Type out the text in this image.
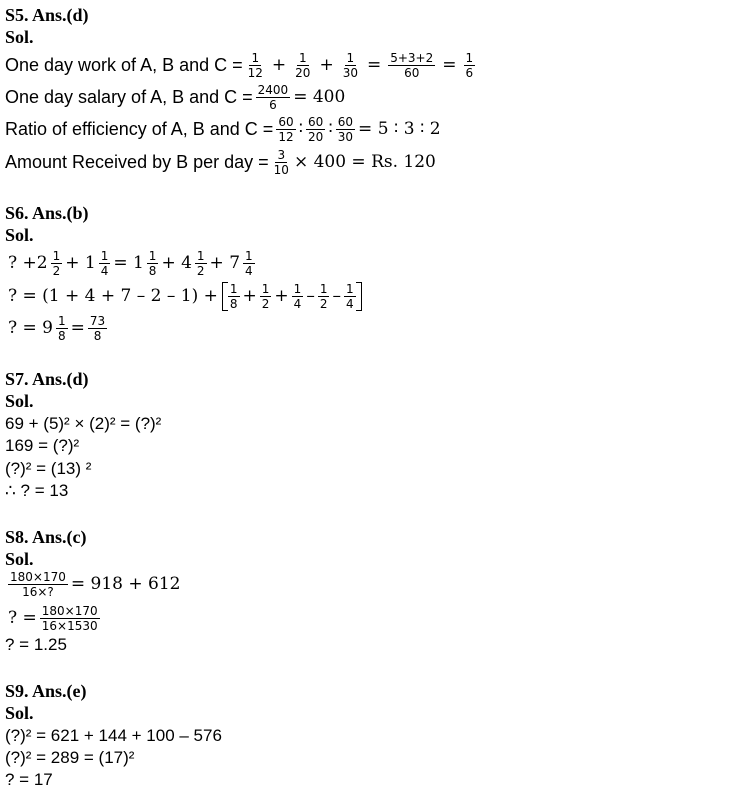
S5. Ans.(d)
Sol.
One day work of A, B and $C = \frac{1}{12} + \frac{1}{20} + \frac{1}{30} = \frac{5+3+2}{60} = \frac{1}{6}$
One day salary of A, B and $C = \frac{2400}{6} = 400$
Ratio of efficiency of A, B and $C = \frac{60}{12}$ ∶ $\frac{60}{20}$ ∶ $\frac{60}{30} = 5$ ∶ 3 ∶ 2
Amount Received by B per day = $\frac{3}{10} \times 400 = Rs$. 120
S6. Ans.(b)
Sol.
? $+2 \frac{1}{2} + 1 \frac{1}{4} = 1 \frac{1}{8} + 4 \frac{1}{2} + 7 \frac{1}{4}$
? = $(1 + 4 + 7 - 2 - 1) + \frac{1}{8} + \frac{1}{2} + \frac{1}{4} - \frac{1}{2} - \frac{1}{4}$
? = $9 \frac{1}{8} = \frac{73}{8}$
S7. Ans.(d)
Sol.
69 + (5)² × (2)² = (?)²
169 = (?)²
(?)² = (13) ²
∴ ? = 13
S8. Ans.(c)
Sol.
$\frac{180\times 170}{16\times?} = 918 + 612$
? = $\frac{180\times 170}{16\times 1530}$
? = 1.25
S9. Ans.(e)
Sol.
(?)² = 621 + 144 + 100 – 576
(?)² = 289 = (17)²
? = 17
